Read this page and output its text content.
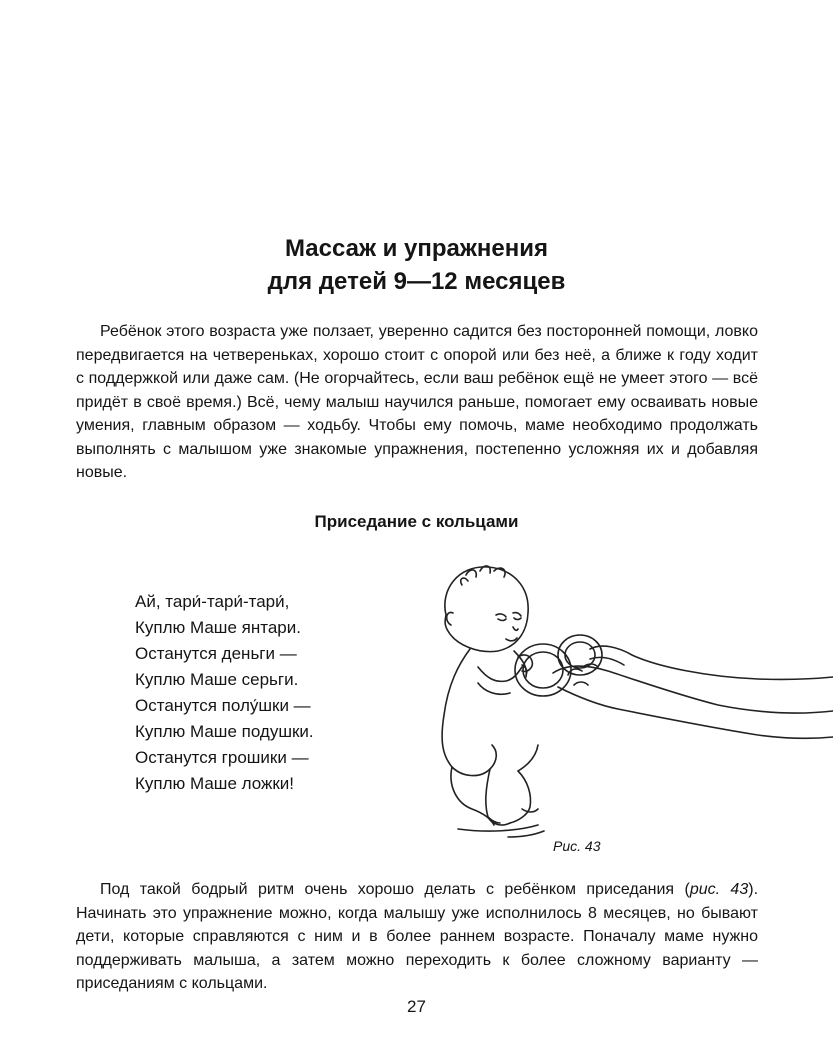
Массаж и упражнения
для детей 9—12 месяцев

Ребёнок этого возраста уже ползает, уверенно садится без посторонней помощи, ловко передвигается на четвереньках, хорошо стоит с опорой или без неё, а ближе к году ходит с поддержкой или даже сам. (Не огорчайтесь, если ваш ребёнок ещё не умеет этого — всё придёт в своё время.) Всё, чему малыш научился раньше, помогает ему осваивать новые умения, главным образом — ходьбу. Чтобы ему помочь, маме необходимо продолжать выполнять с малышом уже знакомые упражнения, постепенно усложняя их и добавляя новые.

Приседание с кольцами
Ай, тари́-тари́-тари́,
Куплю Маше янтари.
Останутся деньги —
Куплю Маше серьги.
Останутся полу́шки —
Куплю Маше подушки.
Останутся грошики —
Куплю Маше ложки!
Рис. 43

Под такой бодрый ритм очень хорошо делать с ребёнком приседания (рис. 43). Начинать это упражнение можно, когда малышу уже исполнилось 8 месяцев, но бывают дети, которые справляются с ним и в более раннем возрасте. Поначалу маме нужно поддерживать малыша, а затем можно переходить к более сложному варианту — приседаниям с кольцами.

27
